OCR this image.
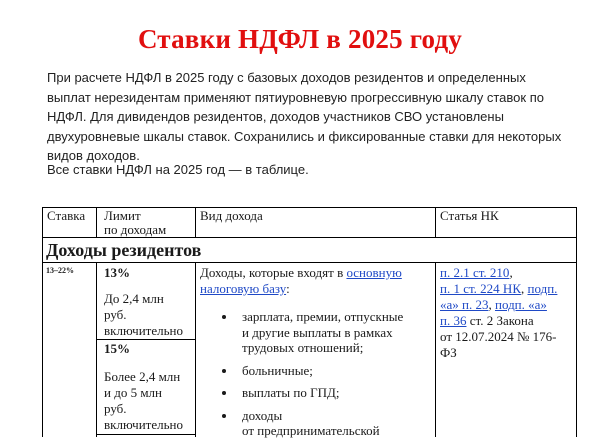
Ставки НДФЛ в 2025 году
При расчете НДФЛ в 2025 году с базовых доходов резидентов и определенных выплат нерезидентам применяют пятиуровневую прогрессивную шкалу ставок по НДФЛ. Для дивидендов резидентов, доходов участников СВО установлены двухуровневые шкалы ставок. Сохранились и фиксированные ставки для некоторых видов доходов.
Все ставки НДФЛ на 2025 год — в таблице.
Ставка Лимит
по доходам
Вид дохода	Статья НК
Доходы резидентов
13–22% 13%
До 2,4 млн
руб.
включительно
15%
Более 2,4 млн
и до 5 млн
руб.
включительно
Доходы, которые входят в основную
налоговую базу:
зарплата, премии, отпускные
и другие выплаты в рамках
трудовых отношений;
больничные;
выплаты по ГПД;
доходы
от предпринимательской
п. 2.1 ст. 210,
п. 1 ст. 224 НК, подп.
«а» п. 23, подп. «а»
п. 36 ст. 2 Закона
от 12.07.2024 № 176-
ФЗ
